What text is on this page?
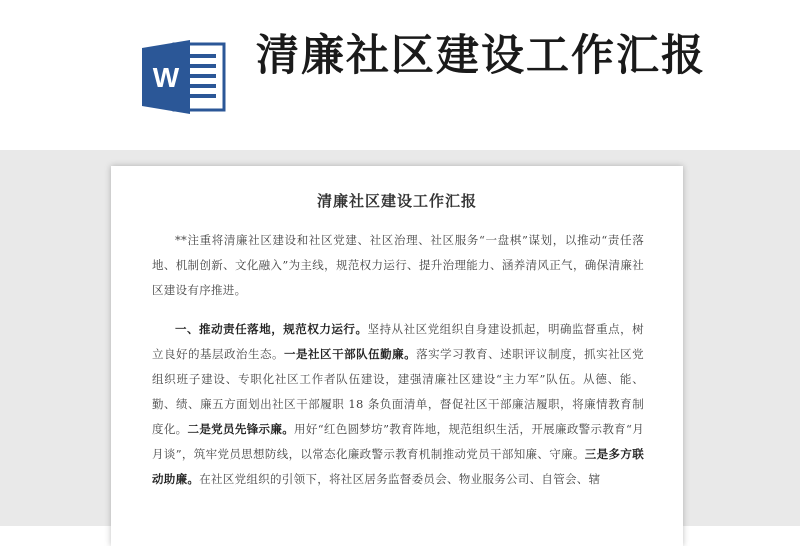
W 清廉社区建设工作汇报
清廉社区建设工作汇报

**注重将清廉社区建设和社区党建、社区治理、社区服务“一盘棋”谋划，以推动“责任落地、机制创新、文化融入”为主线，规范权力运行、提升治理能力、涵养清风正气，确保清廉社区建设有序推进。

一、推动责任落地，规范权力运行。坚持从社区党组织自身建设抓起，明确监督重点，树立良好的基层政治生态。一是社区干部队伍勤廉。落实学习教育、述职评议制度，抓实社区党组织班子建设、专职化社区工作者队伍建设，建强清廉社区建设“主力军”队伍。从德、能、勤、绩、廉五方面划出社区干部履职 18 条负面清单，督促社区干部廉洁履职，将廉情教育制度化。二是党员先锋示廉。用好“红色圆梦坊”教育阵地，规范组织生活，开展廉政警示教育“月月谈”，筑牢党员思想防线，以常态化廉政警示教育机制推动党员干部知廉、守廉。三是多方联动助廉。在社区党组织的引领下，将社区居务监督委员会、物业服务公司、自管会、辖
